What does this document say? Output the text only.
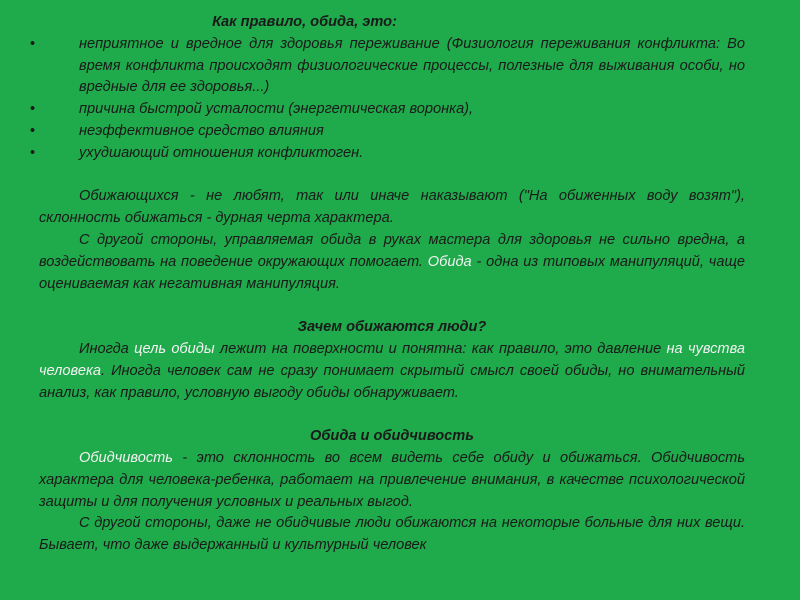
Как правило, обида, это:
•	неприятное и вредное для здоровья переживание (Физиология переживания конфликта: Во время конфликта происходят физиологические процессы, полезные для выживания особи, но вредные для ее здоровья...)
•	причина быстрой усталости (энергетическая воронка),
•	неэффективное средство влияния
•	ухудшающий отношения конфликтоген.

Обижающихся - не любят, так или иначе наказывают ("На обиженных воду возят"), склонность обижаться - дурная черта характера.

С другой стороны, управляемая обида в руках мастера для здоровья не сильно вредна, а воздействовать на поведение окружающих помогает. Обида - одна из типовых манипуляций, чаще оцениваемая как негативная манипуляция.

Зачем обижаются люди?

Иногда цель обиды лежит на поверхности и понятна: как правило, это давление на чувства человека. Иногда человек сам не сразу понимает скрытый смысл своей обиды, но внимательный анализ, как правило, условную выгоду обиды обнаруживает.

Обида и обидчивость

Обидчивость - это склонность во всем видеть себе обиду и обижаться. Обидчивость характера для человека-ребенка, работает на привлечение внимания, в качестве психологической защиты и для получения условных и реальных выгод.

С другой стороны, даже не обидчивые люди обижаются на некоторые больные для них вещи. Бывает, что даже выдержанный и культурный человек
